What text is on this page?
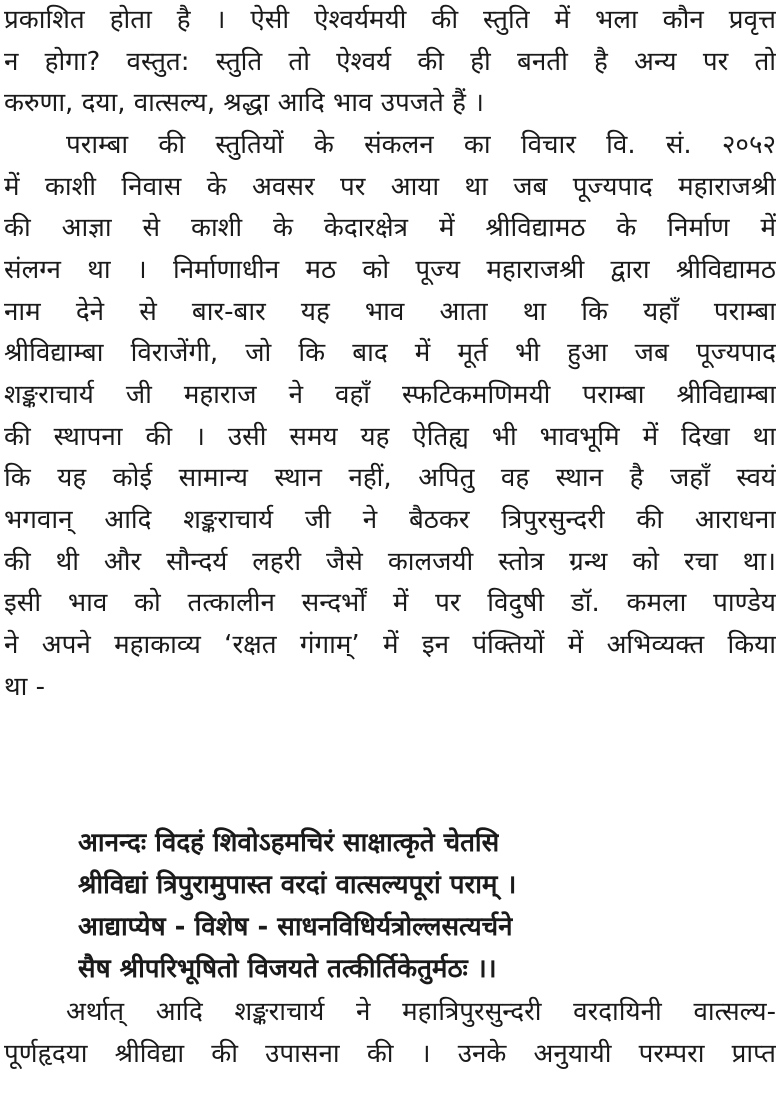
प्रकाशित होता है । ऐसी ऐश्वर्यमयी की स्तुति में भला कौन प्रवृत्त
न होगा? वस्तुत: स्तुति तो ऐश्वर्य की ही बनती है अन्य पर तो
करुणा, दया, वात्सल्य, श्रद्धा आदि भाव उपजते हैं ।
पराम्बा की स्तुतियों के संकलन का विचार वि. सं. २०५२
में काशी निवास के अवसर पर आया था जब पूज्यपाद महाराजश्री
की आज्ञा से काशी के केदारक्षेत्र में श्रीविद्यामठ के निर्माण में
संलग्न था । निर्माणाधीन मठ को पूज्य महाराजश्री द्वारा श्रीविद्यामठ
नाम देने से बार-बार यह भाव आता था कि यहाँ पराम्बा
श्रीविद्याम्बा विराजेंगी, जो कि बाद में मूर्त भी हुआ जब पूज्यपाद
शङ्कराचार्य जी महाराज ने वहाँ स्फटिकमणिमयी पराम्बा श्रीविद्याम्बा
की स्थापना की । उसी समय यह ऐतिह्य भी भावभूमि में दिखा था
कि यह कोई सामान्य स्थान नहीं, अपितु वह स्थान है जहाँ स्वयं
भगवान् आदि शङ्कराचार्य जी ने बैठकर त्रिपुरसुन्दरी की आराधना
की थी और सौन्दर्य लहरी जैसे कालजयी स्तोत्र ग्रन्थ को रचा था।
इसी भाव को तत्कालीन सन्दर्भों में पर विदुषी डॉ. कमला पाण्डेय
ने अपने महाकाव्य ‘रक्षत गंगाम्’ में इन पंक्तियों में अभिव्यक्त किया
था -
आनन्दः विदहं शिवोऽहमचिरं साक्षात्कृते चेतसि
श्रीविद्यां त्रिपुरामुपास्त वरदां वात्सल्यपूरां पराम् ।
आद्याप्येष - विशेष - साधनविधिर्यत्रोल्लसत्यर्चने
सैष श्रीपरिभूषितो विजयते तत्कीर्तिकेतुर्मठः ।।
अर्थात् आदि शङ्कराचार्य ने महात्रिपुरसुन्दरी वरदायिनी वात्सल्य-
पूर्णहृदया श्रीविद्या की उपासना की । उनके अनुयायी परम्परा प्राप्त
